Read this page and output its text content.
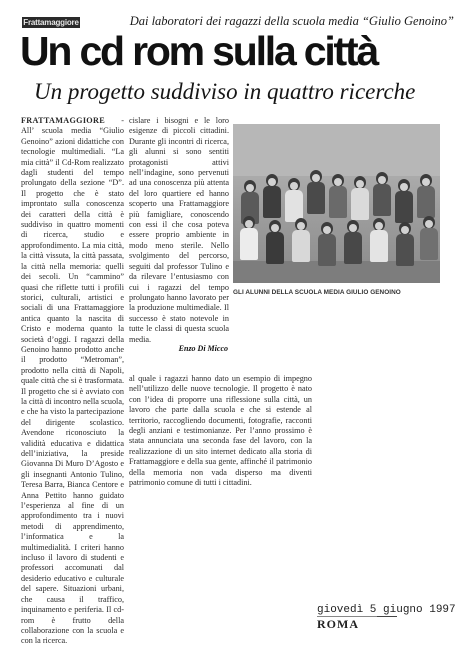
Frattamaggiore	Dai laboratori dei ragazzi della scuola media “Giulio Genoino”
Un cd rom sulla città
Un progetto suddiviso in quattro ricerche

FRATTAMAGGIORE - All’ scuola media “Giulio Genoino” azioni didattiche con tecnologie multimediali. “La mia città” il Cd-Rom realizzato dagli studenti del tempo prolungato della sezione “D”. Il progetto che è stato improntato sulla conoscenza dei caratteri della città è suddiviso in quattro momenti di ricerca, studio e approfondimento. La mia città, la città vissuta, la città passata, la città nella memoria: quelli dei secoli. Un “cammino” quasi che riflette tutti i profili storici, culturali, artistici e sociali di una Frattamaggiore antica quanto la nascita di Cristo e moderna quanto la società d’oggi. I ragazzi della Genoino hanno prodotto anche il prodotto “Metroman”, prodotto nella città di Napoli, quale città che si è trasformata. Il progetto che si è avviato con la città di incontro nella scuola, e che ha visto la partecipazione del dirigente scolastico. Avendone riconosciuto la validità educativa e didattica dell’iniziativa, la preside Giovanna Di Muro D’Agosto e gli insegnanti Antonio Tulino, Teresa Barra, Bianca Centore e Anna Pettito hanno guidato l’esperienza al fine di un approfondimento tra i nuovi metodi di apprendimento, l’informatica e la multimedialità. I criteri hanno incluso il lavoro di studenti e professori accomunati dal desiderio educativo e culturale del sapere. Situazioni urbani, che causa il traffico, inquinamento e periferia. Il cd-rom è frutto della collaborazione con la scuola e con la ricerca.

cislare i bisogni e le loro esigenze di piccoli cittadini. Durante gli incontri di ricerca, gli alunni si sono sentiti protagonisti attivi nell’indagine, sono pervenuti ad una conoscenza più attenta del loro quartiere ed hanno scoperto una Frattamaggiore più famigliare, conoscendo con essi il che cosa poteva essere proprio ambiente in modo meno sterile. Nello svolgimento del percorso, seguiti dal professor Tulino e da rilevare l’entusiasmo con cui i ragazzi del tempo prolungato hanno lavorato per la produzione multimediale. Il successo è stato notevole in tutte le classi di questa scuola media.

Enzo Di Micco
GLI ALUNNI DELLA SCUOLA MEDIA GIULIO GENOINO

al quale i ragazzi hanno dato un esempio di impegno nell’utilizzo delle nuove tecnologie. Il progetto è nato con l’idea di proporre una riflessione sulla città, un lavoro che parte dalla scuola e che si estende al territorio, raccogliendo documenti, fotografie, racconti degli anziani e testimonianze. Per l’anno prossimo è stata annunciata una seconda fase del lavoro, con la realizzazione di un sito internet dedicato alla storia di Frattamaggiore e della sua gente, affinché il patrimonio della memoria non vada disperso ma diventi patrimonio comune di tutti i cittadini.

giovedì 5 giugno 1997
ROMA
